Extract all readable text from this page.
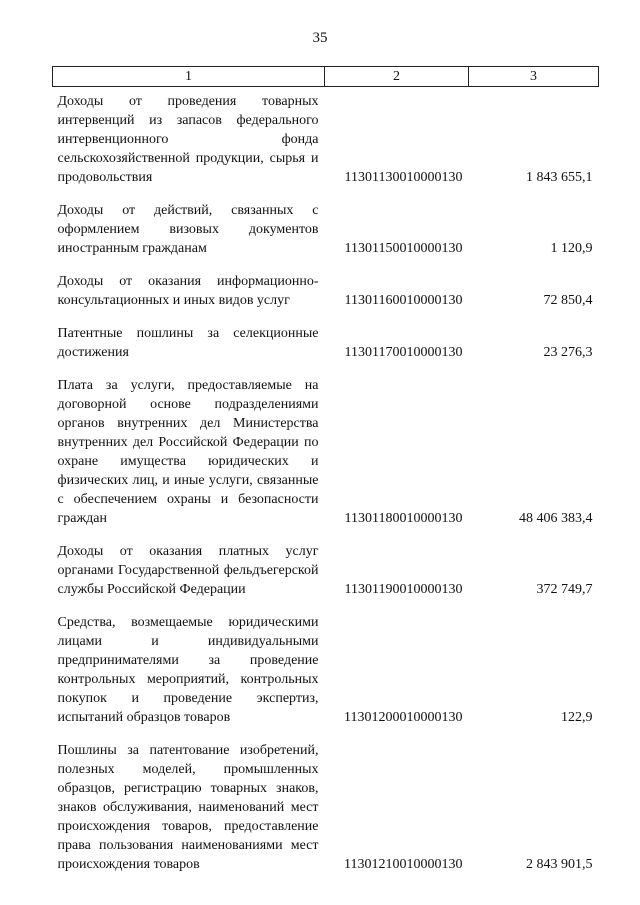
35
1	2	3
Доходы от проведения товарных интервенций из запасов федерального интервенционного фонда сельскохозяйственной продукции, сырья и продовольствия	11301130010000130	1 843 655,1
Доходы от действий, связанных с оформлением визовых документов иностранным гражданам	11301150010000130	1 120,9
Доходы от оказания информационно-консультационных и иных видов услуг	11301160010000130	72 850,4
Патентные пошлины за селекционные достижения	11301170010000130	23 276,3
Плата за услуги, предоставляемые на договорной основе подразделениями органов внутренних дел Министерства внутренних дел Российской Федерации по охране имущества юридических и физических лиц, и иные услуги, связанные с обеспечением охраны и безопасности граждан	11301180010000130	48 406 383,4
Доходы от оказания платных услуг органами Государственной фельдъегерской службы Российской Федерации	11301190010000130	372 749,7
Средства, возмещаемые юридическими лицами и индивидуальными предпринимателями за проведение контрольных мероприятий, контрольных покупок и проведение экспертиз, испытаний образцов товаров	11301200010000130	122,9
Пошлины за патентование изобретений, полезных моделей, промышленных образцов, регистрацию товарных знаков, знаков обслуживания, наименований мест происхождения товаров, предоставление права пользования наименованиями мест происхождения товаров	11301210010000130	2 843 901,5
